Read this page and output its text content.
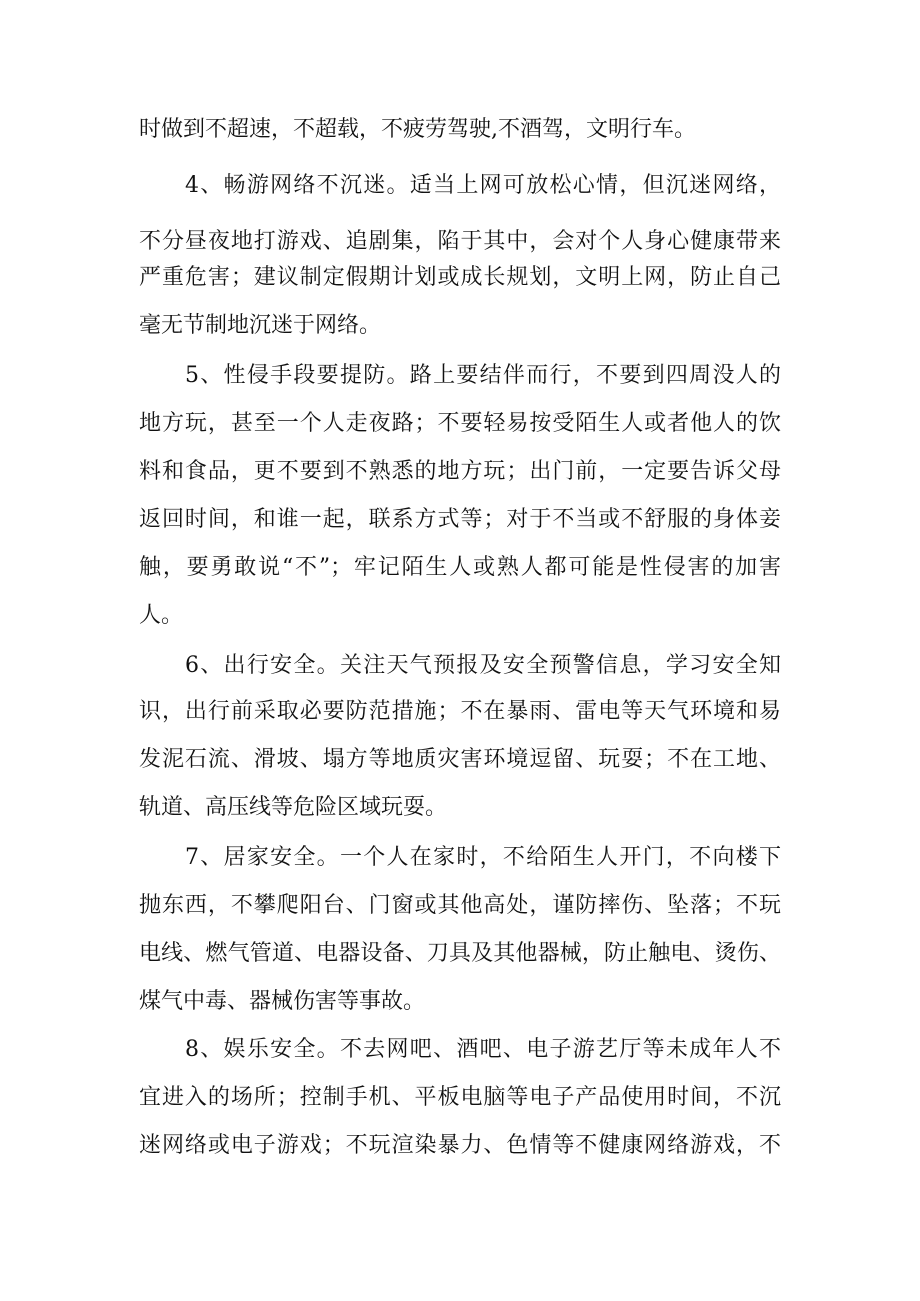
时做到不超速，不超载，不疲劳驾驶,不酒驾，文明行车。
4、畅游网络不沉迷。适当上网可放松心情，但沉迷网络，
不分昼夜地打游戏、追剧集，陷于其中，会对个人身心健康带来
严重危害；建议制定假期计划或成长规划，文明上网，防止自己
毫无节制地沉迷于网络。
5、性侵手段要提防。路上要结伴而行，不要到四周没人的
地方玩，甚至一个人走夜路；不要轻易按受陌生人或者他人的饮
料和食品，更不要到不熟悉的地方玩；出门前，一定要告诉父母
返回时间，和谁一起，联系方式等；对于不当或不舒服的身体妾
触，要勇敢说“不”；牢记陌生人或熟人都可能是性侵害的加害
人。
6、出行安全。关注天气预报及安全预警信息，学习安全知
识，出行前采取必要防范措施；不在暴雨、雷电等天气环境和易
发泥石流、滑坡、塌方等地质灾害环境逗留、玩耍；不在工地、
轨道、高压线等危险区域玩耍。
7、居家安全。一个人在家时，不给陌生人开门，不向楼下
抛东西，不攀爬阳台、门窗或其他高处，谨防摔伤、坠落；不玩
电线、燃气管道、电器设备、刀具及其他器械，防止触电、烫伤、
煤气中毒、器械伤害等事故。
8、娱乐安全。不去网吧、酒吧、电子游艺厅等未成年人不
宜进入的场所；控制手机、平板电脑等电子产品使用时间，不沉
迷网络或电子游戏；不玩渲染暴力、色情等不健康网络游戏，不
